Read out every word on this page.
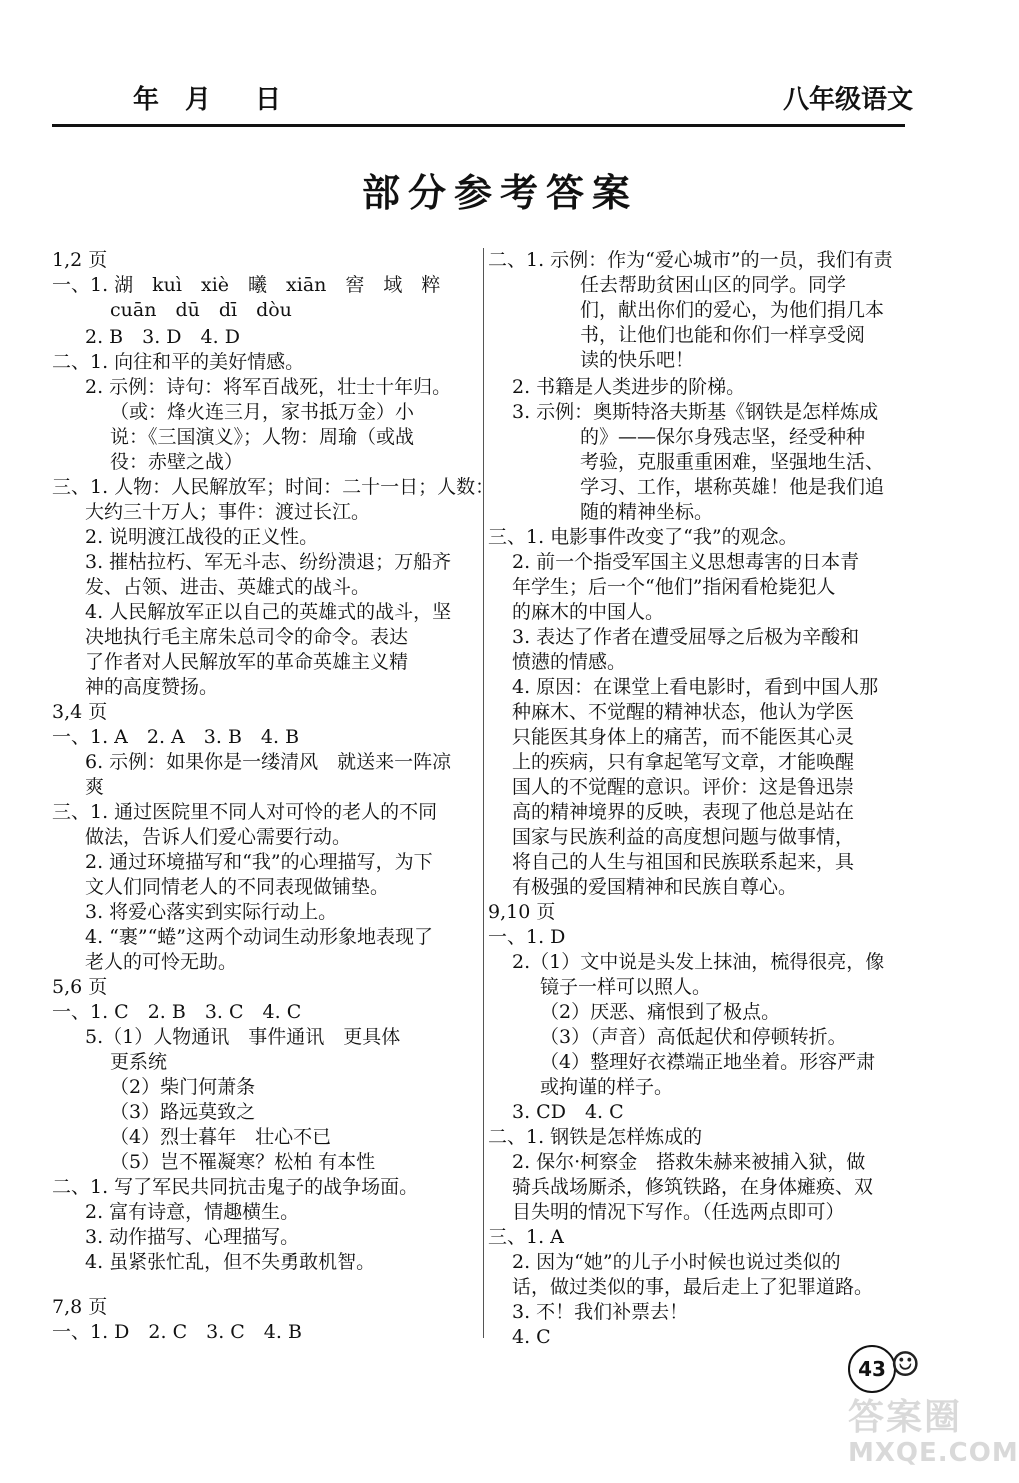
年 月 日	八年级语文
部分参考答案
1,2 页
一、1. 湖　kuì　xiè　曦　xiān　窖　域　粹
cuān　dū　dī　dòu
2. B　3. D　4. D
二、1. 向往和平的美好情感。
2. 示例：诗句：将军百战死，壮士十年归。
（或：烽火连三月，家书抵万金）小
说：《三国演义》；人物：周瑜（或战
役：赤壁之战）
三、1. 人物：人民解放军；时间：二十一日；人数：
大约三十万人；事件：渡过长江。
2. 说明渡江战役的正义性。
3. 摧枯拉朽、军无斗志、纷纷溃退；万船齐
发、占领、进击、英雄式的战斗。
4. 人民解放军正以自己的英雄式的战斗，坚
决地执行毛主席朱总司令的命令。表达
了作者对人民解放军的革命英雄主义精
神的高度赞扬。
3,4 页
一、1. A　2. A　3. B　4. B
6. 示例：如果你是一缕清风　就送来一阵凉
爽
三、1. 通过医院里不同人对可怜的老人的不同
做法，告诉人们爱心需要行动。
2. 通过环境描写和“我”的心理描写，为下
文人们同情老人的不同表现做铺垫。
3. 将爱心落实到实际行动上。
4. “裹”“蜷”这两个动词生动形象地表现了
老人的可怜无助。
5,6 页
一、1. C　2. B　3. C　4. C
5.（1）人物通讯　事件通讯　更具体
更系统
（2）柴门何萧条
（3）路远莫致之
（4）烈士暮年　壮心不已
（5）岂不罹凝寒？松柏 有本性
二、1. 写了军民共同抗击鬼子的战争场面。
2. 富有诗意，情趣横生。
3. 动作描写、心理描写。
4. 虽紧张忙乱，但不失勇敢机智。
7,8 页
一、1. D　2. C　3. C　4. B
二、1. 示例：作为“爱心城市”的一员，我们有责
任去帮助贫困山区的同学。同学
们，献出你们的爱心，为他们捐几本
书，让他们也能和你们一样享受阅
读的快乐吧！
2. 书籍是人类进步的阶梯。
3. 示例：奥斯特洛夫斯基《钢铁是怎样炼成
的》——保尔身残志坚，经受种种
考验，克服重重困难，坚强地生活、
学习、工作，堪称英雄！他是我们追
随的精神坐标。
三、1. 电影事件改变了“我”的观念。
2. 前一个指受军国主义思想毒害的日本青
年学生；后一个“他们”指闲看枪毙犯人
的麻木的中国人。
3. 表达了作者在遭受屈辱之后极为辛酸和
愤懑的情感。
4. 原因：在课堂上看电影时，看到中国人那
种麻木、不觉醒的精神状态，他认为学医
只能医其身体上的痛苦，而不能医其心灵
上的疾病，只有拿起笔写文章，才能唤醒
国人的不觉醒的意识。评价：这是鲁迅崇
高的精神境界的反映，表现了他总是站在
国家与民族利益的高度想问题与做事情，
将自己的人生与祖国和民族联系起来，具
有极强的爱国精神和民族自尊心。
9,10 页
一、1. D
2.（1）文中说是头发上抹油，梳得很亮，像
镜子一样可以照人。
（2）厌恶、痛恨到了极点。
（3）（声音）高低起伏和停顿转折。
（4）整理好衣襟端正地坐着。形容严肃
或拘谨的样子。
3. CD　4. C
二、1. 钢铁是怎样炼成的
2. 保尔·柯察金　搭救朱赫来被捕入狱，做
骑兵战场厮杀，修筑铁路，在身体瘫痪、双
目失明的情况下写作。（任选两点即可）
三、1. A
2. 因为“她”的儿子小时候也说过类似的
话，做过类似的事，最后走上了犯罪道路。
3. 不！我们补票去！
4. C
43 ☺
答案圈
MXQE.COM
